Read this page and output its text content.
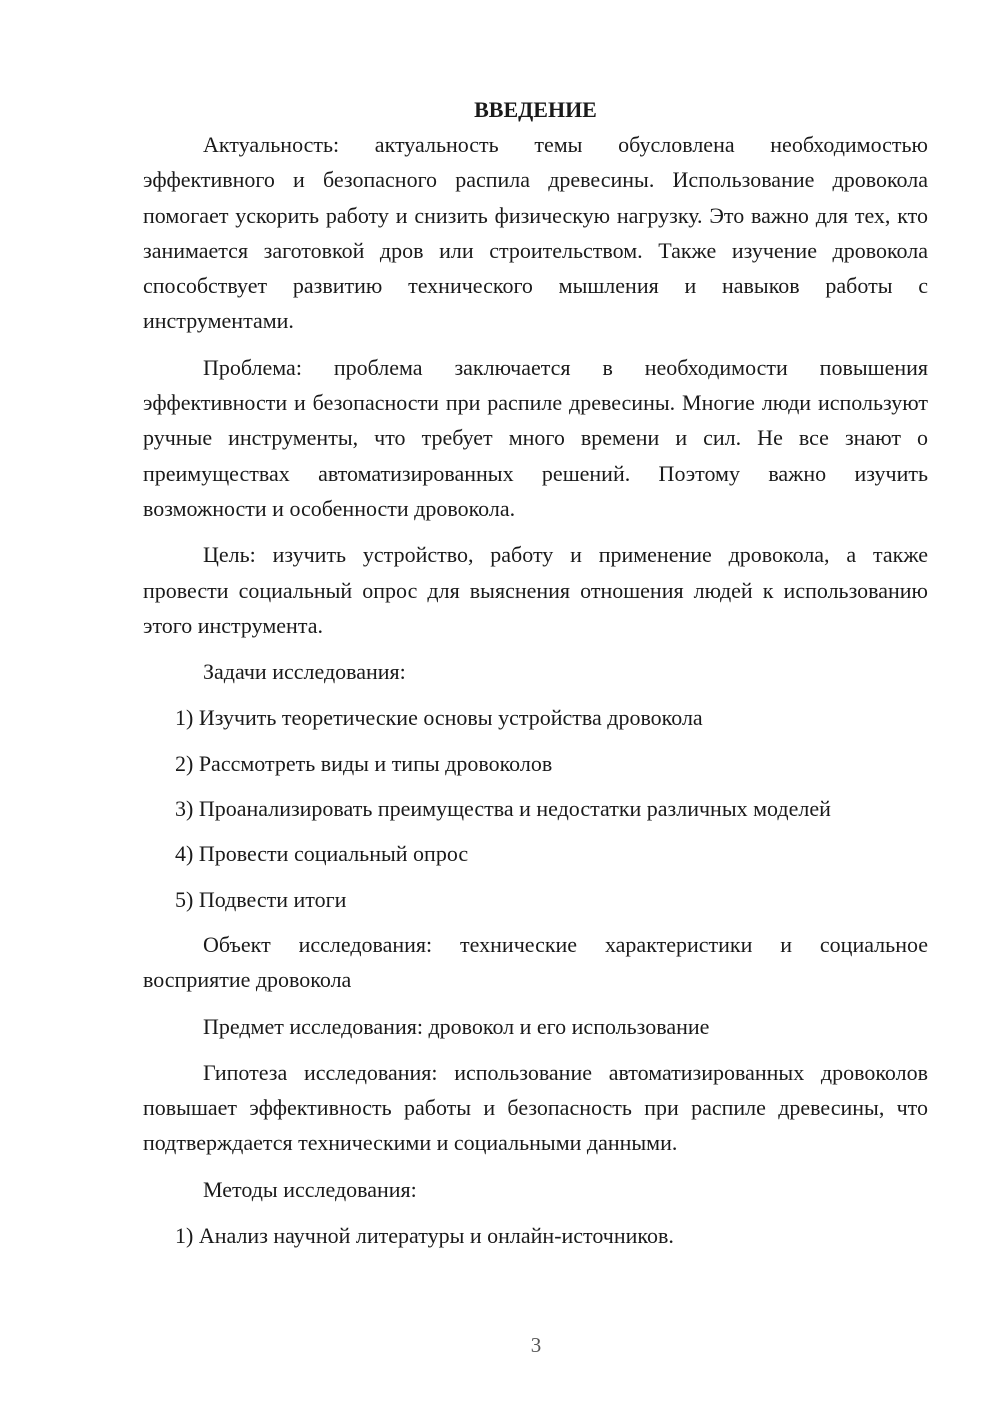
ВВЕДЕНИЕ

Актуальность: актуальность темы обусловлена необходимостью эффективного и безопасного распила древесины. Использование дровокола помогает ускорить работу и снизить физическую нагрузку. Это важно для тех, кто занимается заготовкой дров или строительством. Также изучение дровокола способствует развитию технического мышления и навыков работы с инструментами.

Проблема: проблема заключается в необходимости повышения эффективности и безопасности при распиле древесины. Многие люди используют ручные инструменты, что требует много времени и сил. Не все знают о преимуществах автоматизированных решений. Поэтому важно изучить возможности и особенности дровокола.

Цель: изучить устройство, работу и применение дровокола, а также провести социальный опрос для выяснения отношения людей к использованию этого инструмента.

Задачи исследования:

1) Изучить теоретические основы устройства дровокола

2) Рассмотреть виды и типы дровоколов

3) Проанализировать преимущества и недостатки различных моделей

4) Провести социальный опрос

5) Подвести итоги

Объект исследования: технические характеристики и социальное восприятие дровокола

Предмет исследования: дровокол и его использование

Гипотеза исследования: использование автоматизированных дровоколов повышает эффективность работы и безопасность при распиле древесины, что подтверждается техническими и социальными данными.

Методы исследования:

1) Анализ научной литературы и онлайн-источников.

3
